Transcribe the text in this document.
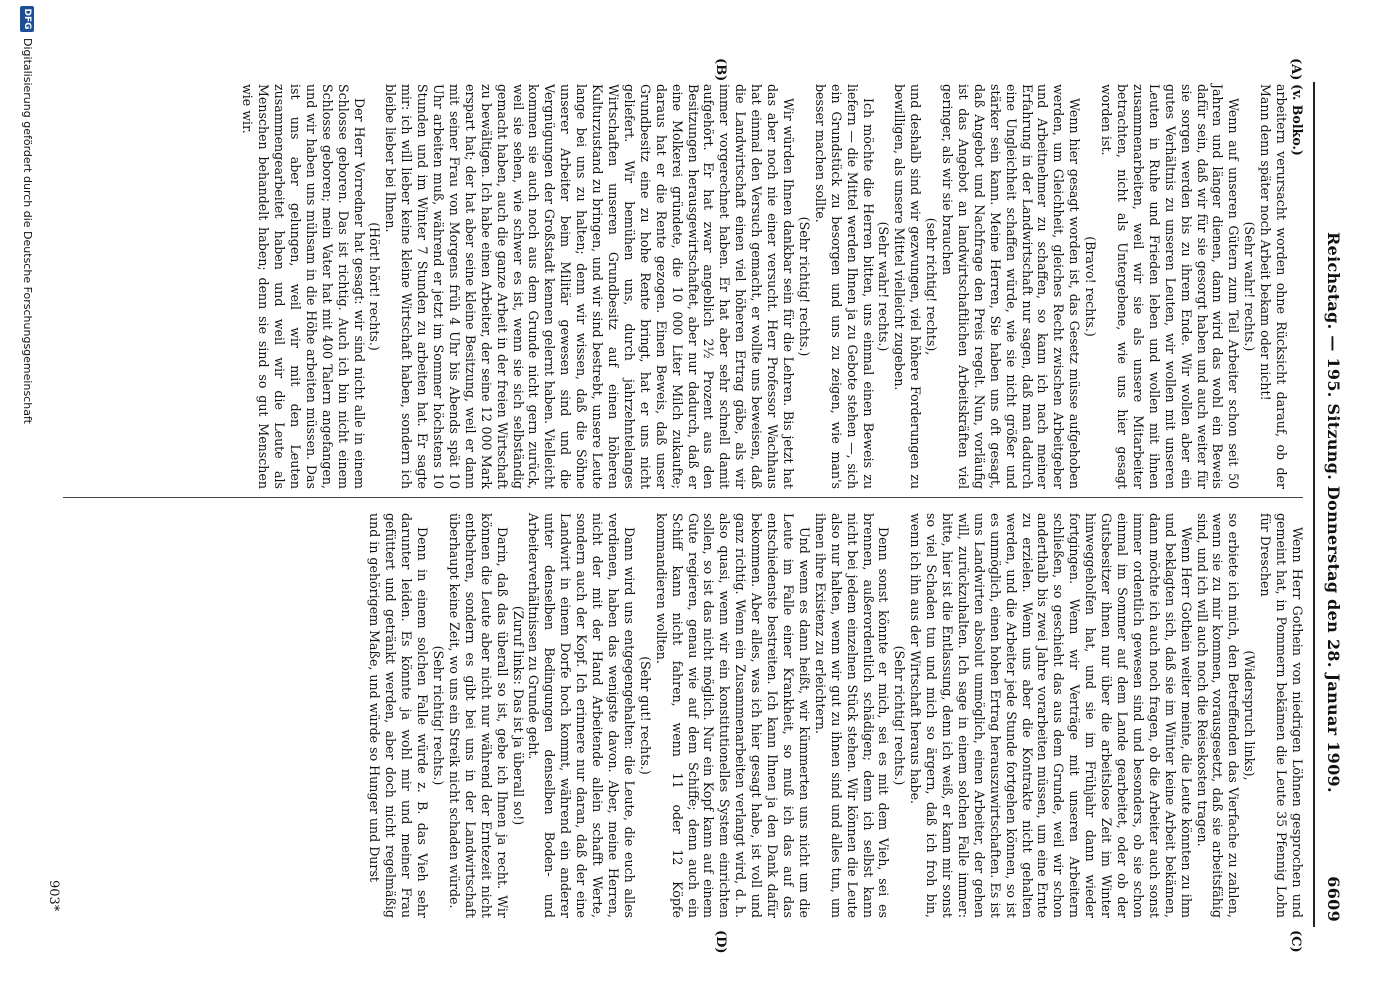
Reichstag. — 195. Sitzung. Donnerstag den 28. Januar 1909.
6609
(A)
(B)
(C)
(D)

(v. Bolko.)

arbeitern verursacht worden ohne Rücksicht darauf, ob der Mann denn später noch Arbeit bekam oder nicht!

(Sehr wahr! rechts.)

Wenn auf unseren Gütern zum Teil Arbeiter schon seit 50 Jahren und länger dienen, dann wird das wohl ein Beweis dafür sein, daß wir für sie gesorgt haben und auch weiter für sie sorgen werden bis zu ihrem Ende. Wir wollen aber ein gutes Verhältnis zu unseren Leuten, wir wollen mit unseren Leuten in Ruhe und Frieden leben und wollen mit ihnen zusammenarbeiten, weil wir sie als unsere Mitarbeiter betrachten, nicht als Untergebene, wie uns hier gesagt worden ist.

(Bravo! rechts.)

Wenn hier gesagt worden ist, das Gesetz müsse aufgehoben werden, um Gleichheit, gleiches Recht zwischen Arbeitgeber und Arbeitnehmer zu schaffen, so kann ich nach meiner Erfahrung in der Landwirtschaft nur sagen, daß man dadurch eine Ungleichheit schaffen würde, wie sie nicht größer und stärker sein kann. Meine Herren, Sie haben uns oft gesagt, daß Angebot und Nachfrage den Preis regelt. Nun, vorläufig ist das Angebot an landwirtschaftlichen Arbeitskräften viel geringer, als wir sie brauchen

(sehr richtig! rechts),

und deshalb sind wir gezwungen, viel höhere Forderungen zu bewilligen, als unsere Mittel vielleicht zugeben.

(Sehr wahr! rechts.)

Ich möchte die Herren bitten, uns einmal einen Beweis zu liefern — die Mittel werden Ihnen ja zu Gebote stehen —, sich ein Grundstück zu besorgen und uns zu zeigen, wie man's besser machen sollte.

(Sehr richtig! rechts.)

Wir würden Ihnen dankbar sein für die Lehren. Bis jetzt hat das aber noch nie einer versucht. Herr Professor Wachhaus hat einmal den Versuch gemacht, er wollte uns beweisen, daß die Landwirtschaft einen viel höheren Ertrag gäbe, als wir immer vorgerechnet haben. Er hat aber sehr schnell damit aufgehört. Er hat zwar angeblich 2½ Prozent aus den Besitzungen herausgewirtschaftet, aber nur dadurch, daß er eine Molkerei gründete, die 10 000 Liter Milch zukaufte; daraus hat er die Rente gezogen. Einen Beweis, daß unser Grundbesitz eine zu hohe Rente bringt, hat er uns nicht geliefert. Wir bemühen uns, durch jahrzehntelanges Wirtschaften unseren Grundbesitz auf einen höheren Kulturzustand zu bringen, und wir sind bestrebt, unsere Leute lange bei uns zu halten; denn wir wissen, daß die Söhne unserer Arbeiter beim Militär gewesen sind und die Vergnügungen der Großstadt kennen gelernt haben. Vielleicht kommen sie auch noch aus dem Grunde nicht gern zurück, weil sie sehen, wie schwer es ist, wenn sie sich selbständig gemacht haben, auch die ganze Arbeit in der freien Wirtschaft zu bewältigen. Ich habe einen Arbeiter, der seine 12 000 Mark erspart hat; der hat aber seine kleine Besitzung, weil er dann mit seiner Frau von Morgens früh 4 Uhr bis Abends spät 10 Uhr arbeiten muß, während er jetzt im Sommer höchstens 10 Stunden und im Winter 7 Stunden zu arbeiten hat. Er sagte mir: ich will lieber keine kleine Wirtschaft haben, sondern ich bleibe lieber bei Ihnen.

(Hört! hört! rechts.)

Der Herr Vorredner hat gesagt: wir sind nicht alle in einem Schlosse geboren. Das ist richtig. Auch ich bin nicht einem Schlosse geboren; mein Vater hat mit 400 Talern angefangen, und wir haben uns mühsam in die Höhe arbeiten müssen. Das ist uns aber gelungen, weil wir mit den Leuten zusammengearbeitet haben und weil wir die Leute als Menschen behandelt haben; denn sie sind so gut Menschen wie wir.

Wenn Herr Gothein von niedrigen Löhnen gesprochen und gemeint hat, in Pommern bekämen die Leute 35 Pfennig Lohn für Dreschen

(Widerspruch links),

so erbiete ich mich, den Betreffenden das Vierfache zu zahlen, wenn sie zu mir kommen, vorausgesetzt, daß sie arbeitsfähig sind, und ich will auch noch die Reisekosten tragen.

Wenn Herr Gothein weiter meinte, die Leute könnten zu ihm und beklagten sich, daß sie im Winter keine Arbeit bekämen, dann möchte ich auch noch fragen, ob die Arbeiter auch sonst immer ordentlich gewesen sind und besonders, ob sie schon einmal im Sommer auf dem Lande gearbeitet, oder ob der Gutsbesitzer ihnen nur über die arbeitslose Zeit im Winter hinweggeholfen hat, und sie im Frühjahr dann wieder fortgingen. Wenn wir Verträge mit unseren Arbeitern schließen, so geschieht das aus dem Grunde, weil wir schon anderthalb bis zwei Jahre vorarbeiten müssen, um eine Ernte zu erzielen. Wenn uns aber die Kontrakte nicht gehalten werden, und die Arbeiter jede Stunde fortgehen können, so ist es unmöglich, einen hohen Ertrag herauszuwirtschaften. Es ist uns Landwirten absolut unmöglich, einen Arbeiter, der gehen will, zurückzuhalten. Ich sage in einem solchen Falle immer: bitte, hier ist die Entlassung, denn ich weiß, er kann mir sonst so viel Schaden tun und mich so ärgern, daß ich froh bin, wenn ich ihn aus der Wirtschaft heraus habe.

(Sehr richtig! rechts.)

Denn sonst könnte er mich, sei es mit dem Vieh, sei es brennen, außerordentlich schädigen; denn ich selbst kann nicht bei jedem einzelnen Stück stehen. Wir können die Leute also nur halten, wenn wir gut zu ihnen sind und alles tun, um ihnen ihre Existenz zu erleichtern.

Und wenn es dann heißt, wir kümmerten uns nicht um die Leute im Falle einer Krankheit, so muß ich das auf das entschiedenste bestreiten. Ich kann Ihnen ja den Dank dafür bekommen. Aber alles, was ich hier gesagt habe, ist voll und ganz richtig. Wenn ein Zusammenarbeiten verlangt wird, d. h. also quasi, wenn wir ein konstitutionelles System einrichten sollen, so ist das nicht möglich. Nur ein Kopf kann auf einem Gute regieren, genau wie auf dem Schiffe; denn auch ein Schiff kann nicht fahren, wenn 11 oder 12 Köpfe kommandieren wollten.

(Sehr gut! rechts.)

Dann wird uns entgegengehalten: die Leute, die euch alles verdienen, haben das wenigste davon. Aber, meine Herren, nicht der mit der Hand Arbeitende allein schafft Werte, sondern auch der Kopf. Ich erinnere nur daran, daß der eine Landwirt in einem Dorfe hoch kommt, während ein anderer unter denselben Bedingungen denselben Boden- und Arbeiterverhältnissen zu Grunde geht.

(Zuruf links: Das ist ja überall so!)

Darin, daß das überall so ist, gebe ich Ihnen ja recht. Wir können die Leute aber nicht nur während der Erntezeit nicht entbehren, sondern es gibt bei uns in der Landwirtschaft überhaupt keine Zeit, wo uns ein Streik nicht schaden würde.

(Sehr richtig! rechts.)

Denn in einem solchen Falle würde z. B. das Vieh sehr darunter leiden. Es könnte ja wohl mir und meiner Frau gefüttert und getränkt werden, aber doch nicht regelmäßig und in gehörigem Maße, und würde so Hunger und Durst

903*
DFG
Digitalisierung gefördert durch die Deutsche Forschungsgemeinschaft
